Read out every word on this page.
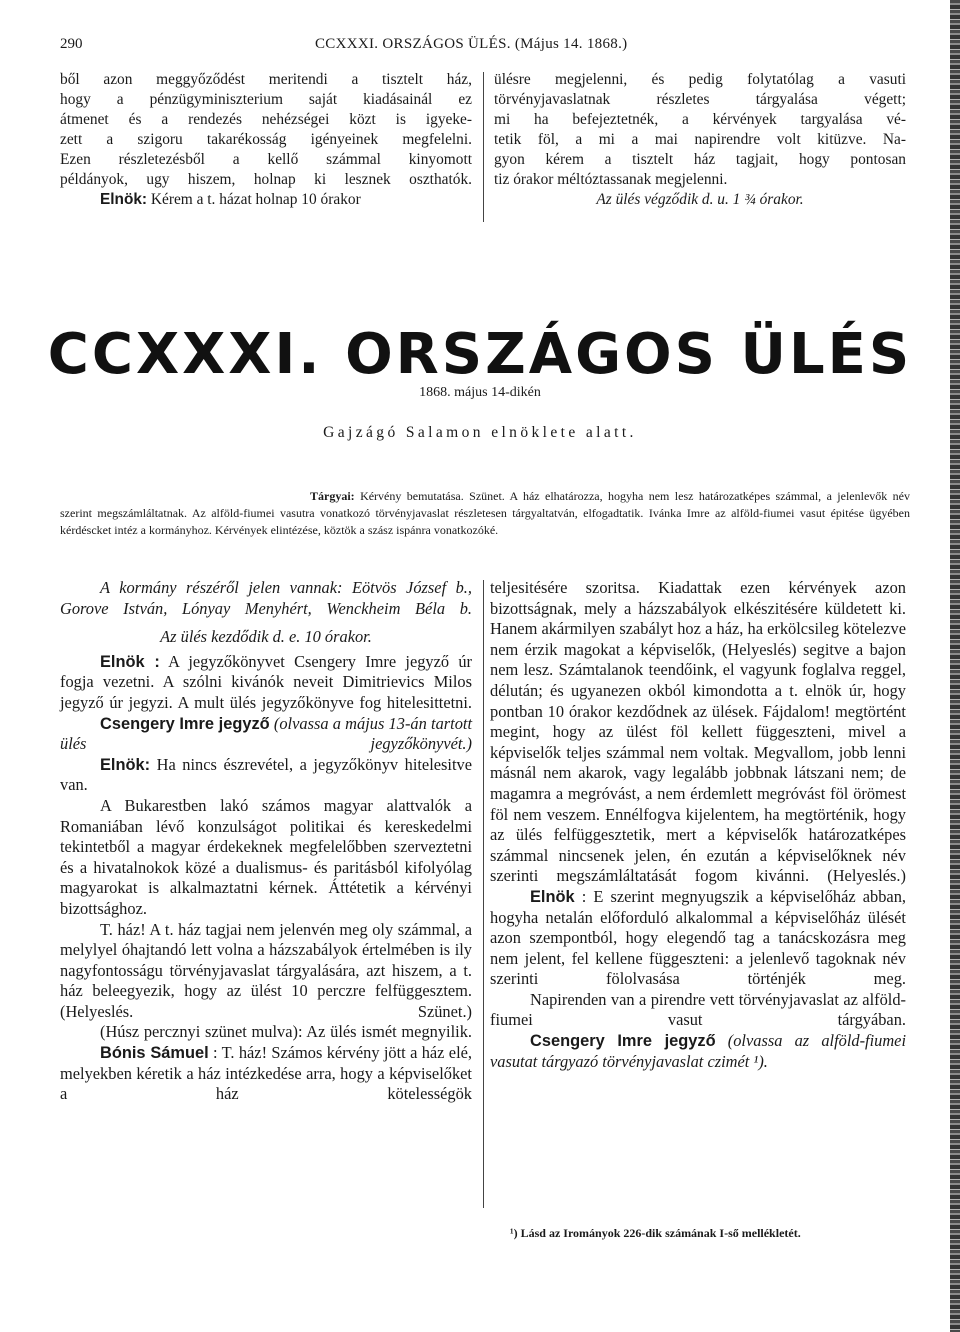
290	CCXXXI. ORSZÁGOS ÜLÉS. (Május 14. 1868.)

ből azon meggyőződést meritendi a tisztelt ház,

hogy a pénzügyminiszterium saját kiadásainál ez

átmenet és a rendezés nehézségei közt is igyeke-

zett a szigoru takarékosság igényeinek megfelelni.

Ezen részletezésből a kellő számmal kinyomott

példányok, ugy hiszem, holnap ki lesznek oszthatók.

Elnök: Kérem a t. házat holnap 10 órakor

ülésre megjelenni, és pedig folytatólag a vasuti

törvényjavaslatnak részletes tárgyalása végett;

mi ha befejeztetnék, a kérvények targyalása vé-

tetik föl, a mi a mai napirendre volt kitüzve. Na-

gyon kérem a tisztelt ház tagjait, hogy pontosan

tiz órakor méltóztassanak megjelenni.

Az ülés végződik d. u. 1 ¾ órakor.

CCXXXI. ORSZÁGOS ÜLÉS
1868. május 14-dikén
Gajzágó Salamon elnöklete alatt.
Tárgyai: Kérvény bemutatása. Szünet. A ház elhatározza, hogyha nem lesz határozatképes számmal, a jelenlevők név szerint megszámláltatnak. Az alföld-fiumei vasutra vonatkozó törvényjavaslat részletesen tárgyaltatván, elfogadtatik. Ivánka Imre az alföld-fiumei vasut épitése ügyében kérdéscket intéz a kormányhoz. Kérvények elintézése, köztök a szász ispánra vonatkozóké.

A kormány részéről jelen vannak: Eötvös József b., Gorove István, Lónyay Menyhért, Wenckheim Béla b.

Az ülés kezdődik d. e. 10 órakor.

Elnök : A jegyzőkönyvet Csengery Imre jegyző úr fogja vezetni. A szólni kivánók neveit Dimitrievics Milos jegyző úr jegyzi. A mult ülés jegyzőkönyve fog hitelesittetni.

Csengery Imre jegyző (olvassa a május 13-án tartott ülés jegyzőkönyvét.)

Elnök: Ha nincs észrevétel, a jegyzőkönyv hitelesitve van.

A Bukarestben lakó számos magyar alattvalók a Romaniában lévő konzulságot politikai és kereskedelmi tekintetből a magyar érdekeknek megfelelőbben szerveztetni és a hivatalnokok közé a dualismus- és paritásból kifolyólag magyarokat is alkalmaztatni kérnek. Áttétetik a kérvényi bizottsághoz.

T. ház! A t. ház tagjai nem jelenvén meg oly számmal, a melylyel óhajtandó lett volna a házszabályok értelmében is ily nagyfontosságu törvényjavaslat tárgyalására, azt hiszem, a t. ház beleegyezik, hogy az ülést 10 perczre felfüggesztem. (Helyeslés. Szünet.)

(Húsz percznyi szünet mulva): Az ülés ismét megnyilik.

Bónis Sámuel : T. ház! Számos kérvény jött a ház elé, melyekben kéretik a ház intézkedése arra, hogy a képviselőket a ház kötelességök

teljesitésére szoritsa. Kiadattak ezen kérvények azon bizottságnak, mely a házszabályok elkészitésére küldetett ki. Hanem akármilyen szabályt hoz a ház, ha erkölcsileg kötelezve nem érzik magokat a képviselők, (Helyeslés) segitve a bajon nem lesz. Számtalanok teendőink, el vagyunk foglalva reggel, délután; és ugyanezen okból kimondotta a t. elnök úr, hogy pontban 10 órakor kezdődnek az ülések. Fájdalom! megtörtént megint, hogy az ülést föl kellett függeszteni, mivel a képviselők teljes számmal nem voltak. Megvallom, jobb lenni másnál nem akarok, vagy legalább jobbnak látszani nem; de magamra a megróvást, a nem érdemlett megróvást föl örömest föl nem veszem. Ennélfogva kijelentem, ha megtörténik, hogy az ülés felfüggesztetik, mert a képviselők határozatképes számmal nincsenek jelen, én ezután a képviselőknek név szerinti megszámláltatását fogom kivánni. (Helyeslés.)

Elnök : E szerint megnyugszik a képviselőház abban, hogyha netalán előforduló alkalommal a képviselőház ülését azon szempontból, hogy elegendő tag a tanácskozásra meg nem jelent, fel kellene függeszteni: a jelenlevő tagoknak név szerinti fölolvasása történjék meg.

Napirenden van a pirendre vett törvényjavaslat az alföld-fiumei vasut tárgyában.

Csengery Imre jegyző (olvassa az alföld-fiumei vasutat tárgyazó törvényjavaslat czimét ¹).

¹) Lásd az Irományok 226-dik számának I-ső mellékletét.
